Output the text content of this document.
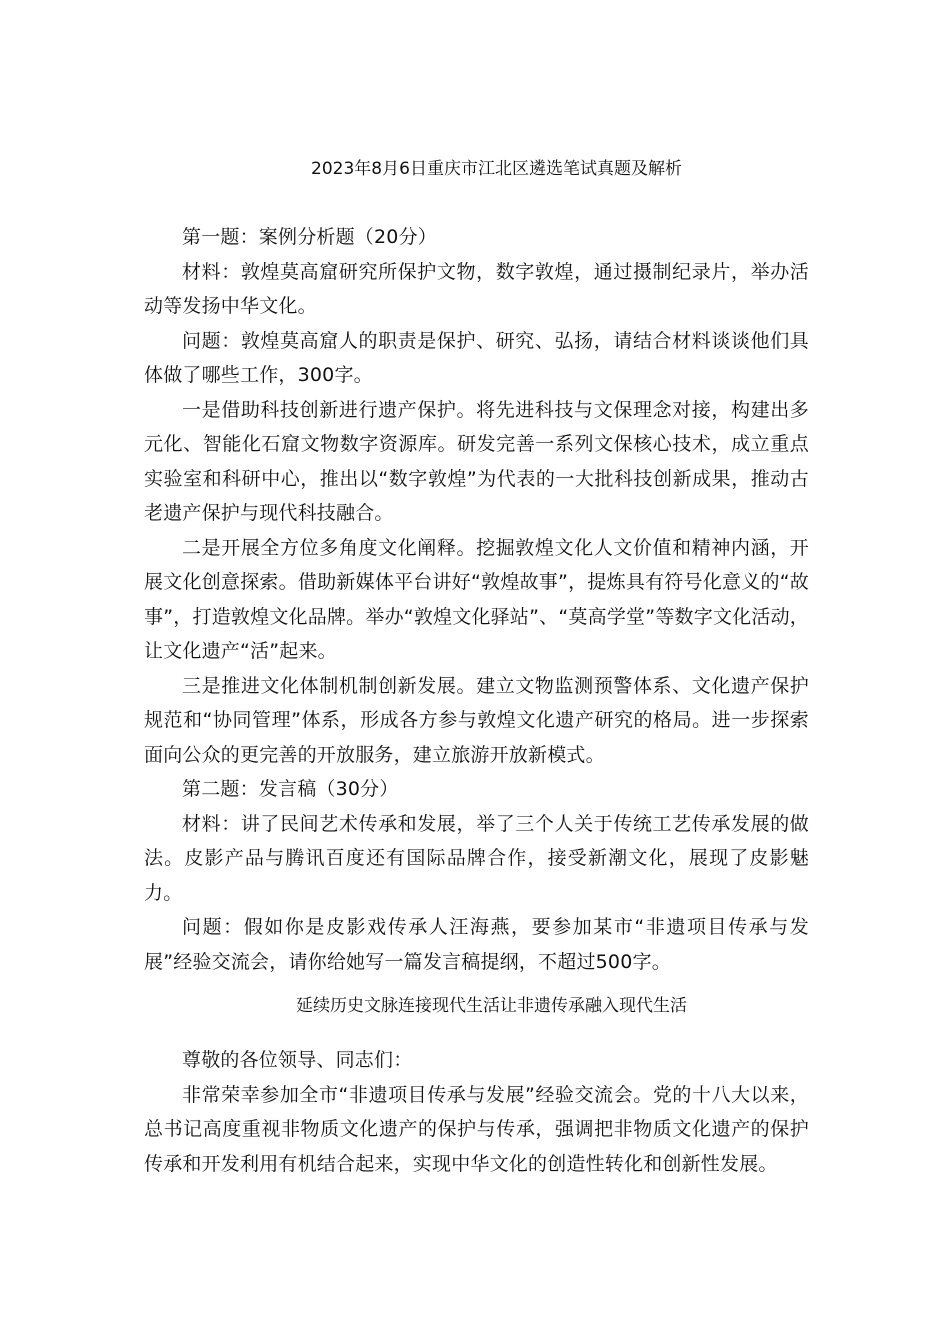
2023年8月6日重庆市江北区遴选笔试真题及解析

第一题：案例分析题（20分）

材料：敦煌莫高窟研究所保护文物，数字敦煌，通过摄制纪录片，举办活动等发扬中华文化。

问题：敦煌莫高窟人的职责是保护、研究、弘扬，请结合材料谈谈他们具体做了哪些工作，300字。

一是借助科技创新进行遗产保护。将先进科技与文保理念对接，构建出多元化、智能化石窟文物数字资源库。研发完善一系列文保核心技术，成立重点实验室和科研中心，推出以“数字敦煌”为代表的一大批科技创新成果，推动古老遗产保护与现代科技融合。

二是开展全方位多角度文化阐释。挖掘敦煌文化人文价值和精神内涵，开展文化创意探索。借助新媒体平台讲好“敦煌故事”，提炼具有符号化意义的“故事”，打造敦煌文化品牌。举办“敦煌文化驿站”、“莫高学堂”等数字文化活动，让文化遗产“活”起来。

三是推进文化体制机制创新发展。建立文物监测预警体系、文化遗产保护规范和“协同管理”体系，形成各方参与敦煌文化遗产研究的格局。进一步探索面向公众的更完善的开放服务，建立旅游开放新模式。

第二题：发言稿（30分）

材料：讲了民间艺术传承和发展，举了三个人关于传统工艺传承发展的做法。皮影产品与腾讯百度还有国际品牌合作，接受新潮文化，展现了皮影魅力。

问题：假如你是皮影戏传承人汪海燕，要参加某市“非遗项目传承与发展”经验交流会，请你给她写一篇发言稿提纲，不超过500字。

延续历史文脉连接现代生活让非遗传承融入现代生活

尊敬的各位领导、同志们：

非常荣幸参加全市“非遗项目传承与发展”经验交流会。党的十八大以来，总书记高度重视非物质文化遗产的保护与传承，强调把非物质文化遗产的保护传承和开发利用有机结合起来，实现中华文化的创造性转化和创新性发展。
